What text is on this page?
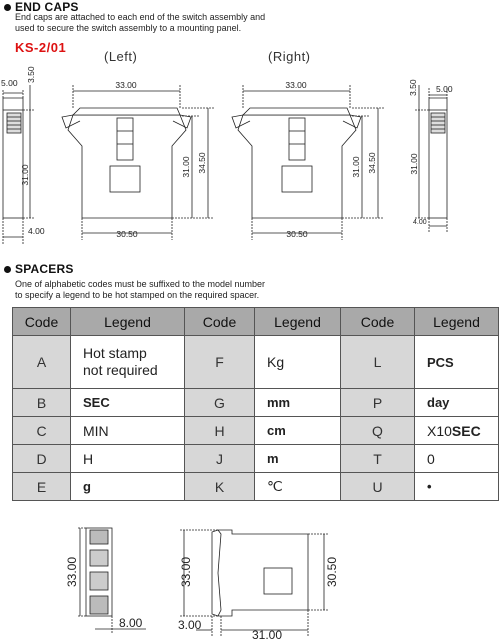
END CAPS
End caps are attached to each end of the switch assembly and
used to secure the switch assembly to a mounting panel.
KS-2/01
(Left)	(Right)
5.00 3.50
31.00
4.00
33.00
31.00 34.50
30.50
33.00
31.00 34.50
30.50
3.50 5.00
31.00
4.00
SPACERS
One of alphabetic codes must be suffixed to the model number
to specify a legend to be hot stamped on the required spacer.
Code	Legend	Code	Legend	Code	Legend
A	Hot stamp
not required	F	Kg	L	PCS
B	SEC	G	mm	P	day
C	MIN	H	cm	Q	X10SEC
D	H	J	m	T	0
E	g	K	℃	U	•
33.00
8.00
33.00	30.50
3.00
31.00
